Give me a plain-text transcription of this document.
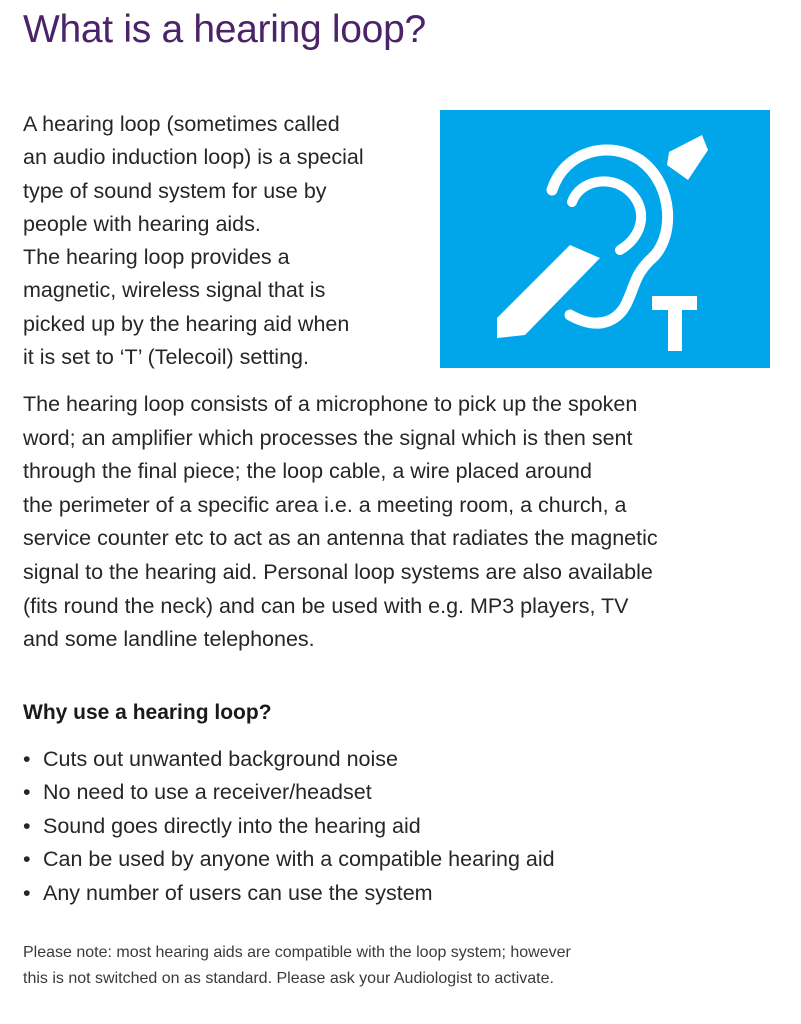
What is a hearing loop?

A hearing loop (sometimes called
an audio induction loop) is a special
type of sound system for use by
people with hearing aids.
The hearing loop provides a
magnetic, wireless signal that is
picked up by the hearing aid when
it is set to ‘T’ (Telecoil) setting.

The hearing loop consists of a microphone to pick up the spoken
word; an amplifier which processes the signal which is then sent
through the final piece; the loop cable, a wire placed around
the perimeter of a specific area i.e. a meeting room, a church, a
service counter etc to act as an antenna that radiates the magnetic
signal to the hearing aid. Personal loop systems are also available
(fits round the neck) and can be used with e.g. MP3 players, TV
and some landline telephones.

Why use a hearing loop?
• Cuts out unwanted background noise
• No need to use a receiver/headset
• Sound goes directly into the hearing aid
• Can be used by anyone with a compatible hearing aid
• Any number of users can use the system

Please note: most hearing aids are compatible with the loop system; however
this is not switched on as standard. Please ask your Audiologist to activate.
